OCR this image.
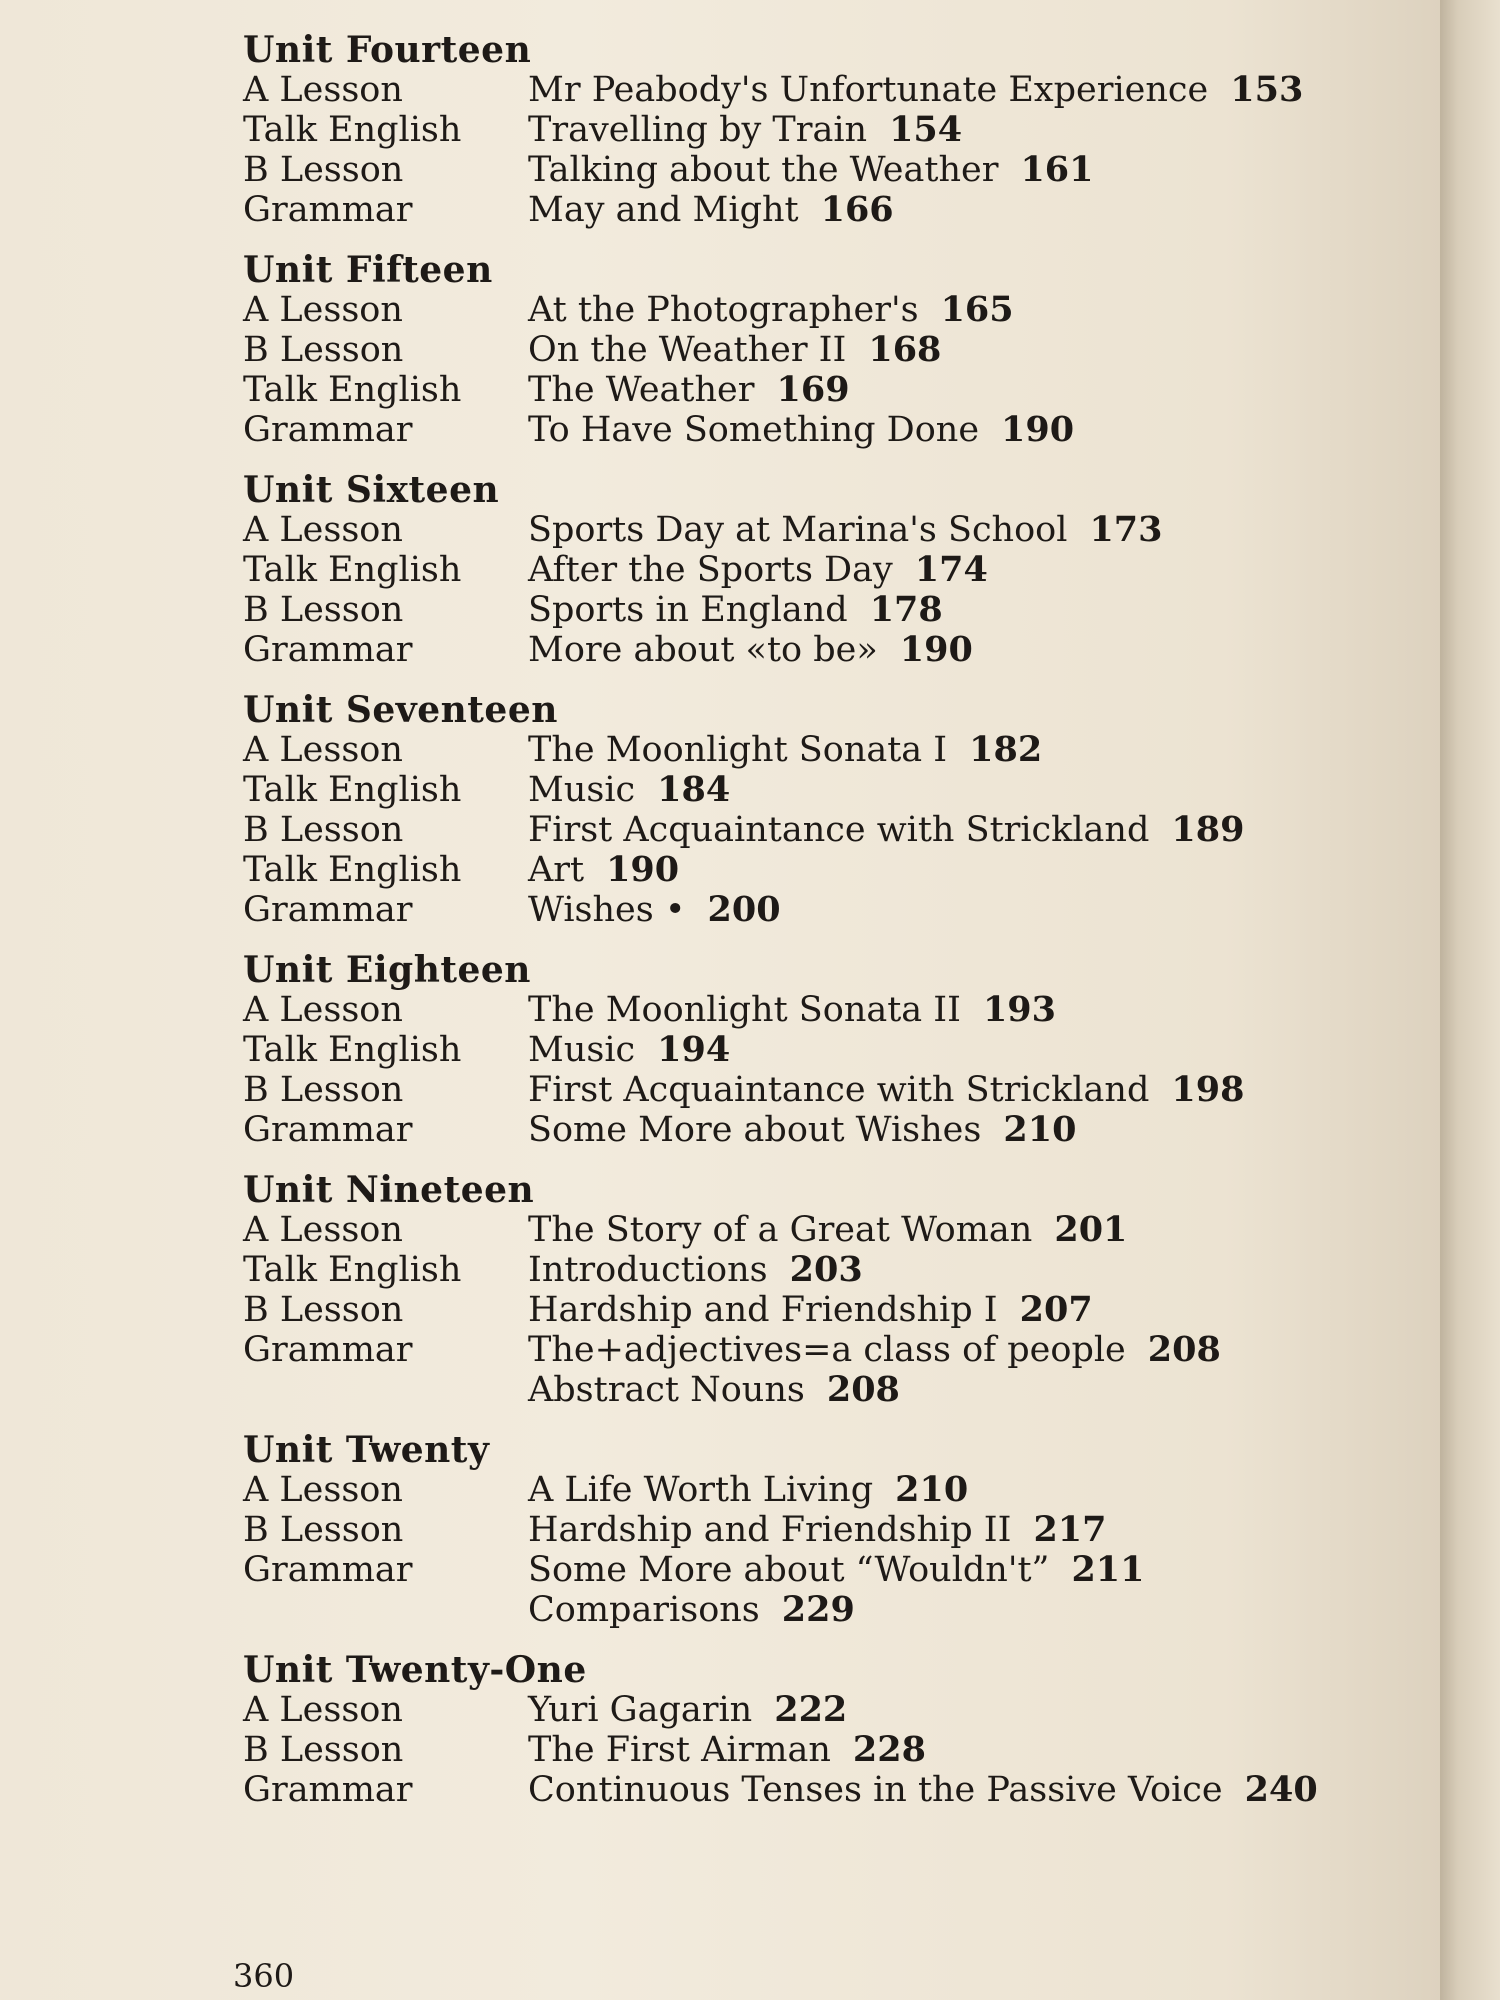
Unit Fourteen
A Lesson	Mr Peabody's Unfortunate Experience 153
Talk English	Travelling by Train 154
B Lesson	Talking about the Weather 161
Grammar	May and Might 166
Unit Fifteen
A Lesson	At the Photographer's 165
B Lesson	On the Weather II 168
Talk English	The Weather 169
Grammar	To Have Something Done 190
Unit Sixteen
A Lesson	Sports Day at Marina's School 173
Talk English	After the Sports Day 174
B Lesson	Sports in England 178
Grammar	More about «to be» 190
Unit Seventeen
A Lesson	The Moonlight Sonata I 182
Talk English	Music 184
B Lesson	First Acquaintance with Strickland 189
Talk English	Art 190
Grammar	Wishes • 200
Unit Eighteen
A Lesson	The Moonlight Sonata II 193
Talk English	Music 194
B Lesson	First Acquaintance with Strickland 198
Grammar	Some More about Wishes 210
Unit Nineteen
A Lesson	The Story of a Great Woman 201
Talk English	Introductions 203
B Lesson	Hardship and Friendship I 207
Grammar	The+adjectives=a class of people 208
Abstract Nouns 208
Unit Twenty
A Lesson	A Life Worth Living 210
B Lesson	Hardship and Friendship II 217
Grammar	Some More about “Wouldn't” 211
Comparisons 229
Unit Twenty-One
A Lesson	Yuri Gagarin 222
B Lesson	The First Airman 228
Grammar	Continuous Tenses in the Passive Voice 240
360
